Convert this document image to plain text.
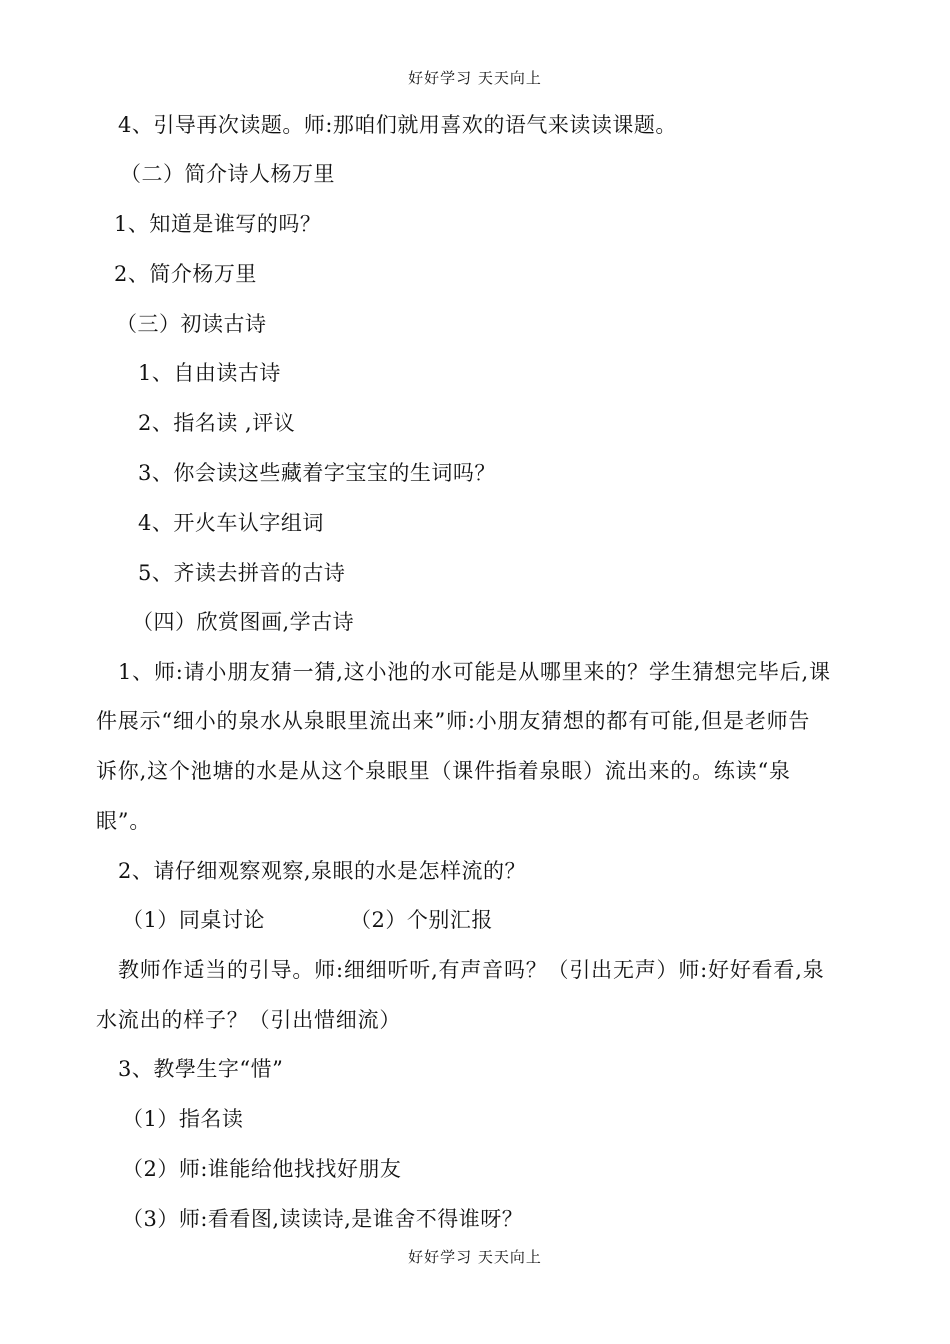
好好学习 天天向上
4、引导再次读题。师:那咱们就用喜欢的语气来读读课题。
（二）简介诗人杨万里
1、知道是谁写的吗？
2、简介杨万里
（三）初读古诗
1、自由读古诗
2、指名读 ,评议
3、你会读这些藏着字宝宝的生词吗？
4、开火车认字组词
5、齐读去拼音的古诗
（四）欣赏图画,学古诗
1、师:请小朋友猜一猜,这小池的水可能是从哪里来的？学生猜想完毕后,课
件展示“细小的泉水从泉眼里流出来”师:小朋友猜想的都有可能,但是老师告
诉你,这个池塘的水是从这个泉眼里（课件指着泉眼）流出来的。练读“泉
眼”。
2、请仔细观察观察,泉眼的水是怎样流的？
（1）同桌讨论	（2）个别汇报
教师作适当的引导。师:细细听听,有声音吗？（引出无声）师:好好看看,泉
水流出的样子？（引出惜细流）
3、教學生字“惜”
（1）指名读
（2）师:谁能给他找找好朋友
（3）师:看看图,读读诗,是谁舍不得谁呀？
好好学习 天天向上
